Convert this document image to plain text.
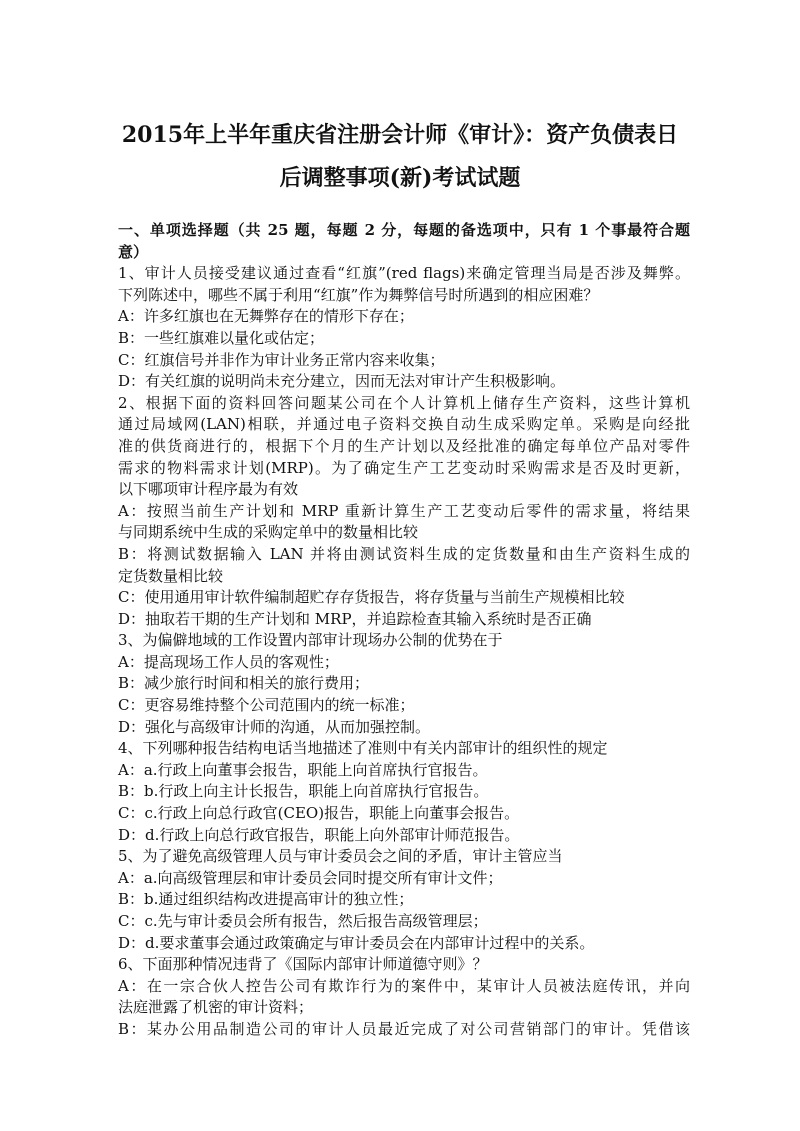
2015年上半年重庆省注册会计师《审计》：资产负债表日
后调整事项(新)考试试题
一、单项选择题（共 25 题，每题 2 分，每题的备选项中，只有 1 个事最符合题
意）
1、审计人员接受建议通过查看“红旗”(red flags)来确定管理当局是否涉及舞弊。
下列陈述中，哪些不属于利用“红旗”作为舞弊信号时所遇到的相应困难？
A：许多红旗也在无舞弊存在的情形下存在；
B：一些红旗难以量化或估定；
C：红旗信号并非作为审计业务正常内容来收集；
D：有关红旗的说明尚未充分建立，因而无法对审计产生积极影响。
2、根据下面的资料回答问题某公司在个人计算机上储存生产资料，这些计算机
通过局域网(LAN)相联，并通过电子资料交换自动生成采购定单。采购是向经批
准的供货商进行的，根据下个月的生产计划以及经批准的确定每单位产品对零件
需求的物料需求计划(MRP)。为了确定生产工艺变动时采购需求是否及时更新，
以下哪项审计程序最为有效
A：按照当前生产计划和 MRP 重新计算生产工艺变动后零件的需求量，将结果
与同期系统中生成的采购定单中的数量相比较
B：将测试数据输入 LAN 并将由测试资料生成的定货数量和由生产资料生成的
定货数量相比较
C：使用通用审计软件编制超贮存存货报告，将存货量与当前生产规模相比较
D：抽取若干期的生产计划和 MRP，并追踪检查其输入系统时是否正确
3、为偏僻地域的工作设置内部审计现场办公制的优势在于
A：提高现场工作人员的客观性；
B：减少旅行时间和相关的旅行费用；
C：更容易维持整个公司范围内的统一标准；
D：强化与高级审计师的沟通，从而加强控制。
4、下列哪种报告结构电话当地描述了准则中有关内部审计的组织性的规定
A：a.行政上向董事会报告，职能上向首席执行官报告。
B：b.行政上向主计长报告，职能上向首席执行官报告。
C：c.行政上向总行政官(CEO)报告，职能上向董事会报告。
D：d.行政上向总行政官报告，职能上向外部审计师范报告。
5、为了避免高级管理人员与审计委员会之间的矛盾，审计主管应当
A：a.向高级管理层和审计委员会同时提交所有审计文件；
B：b.通过组织结构改进提高审计的独立性；
C：c.先与审计委员会所有报告，然后报告高级管理层；
D：d.要求董事会通过政策确定与审计委员会在内部审计过程中的关系。
6、下面那种情况违背了《国际内部审计师道德守则》？
A：在一宗合伙人控告公司有欺诈行为的案件中，某审计人员被法庭传讯，并向
法庭泄露了机密的审计资料；
B：某办公用品制造公司的审计人员最近完成了对公司营销部门的审计。凭借该
